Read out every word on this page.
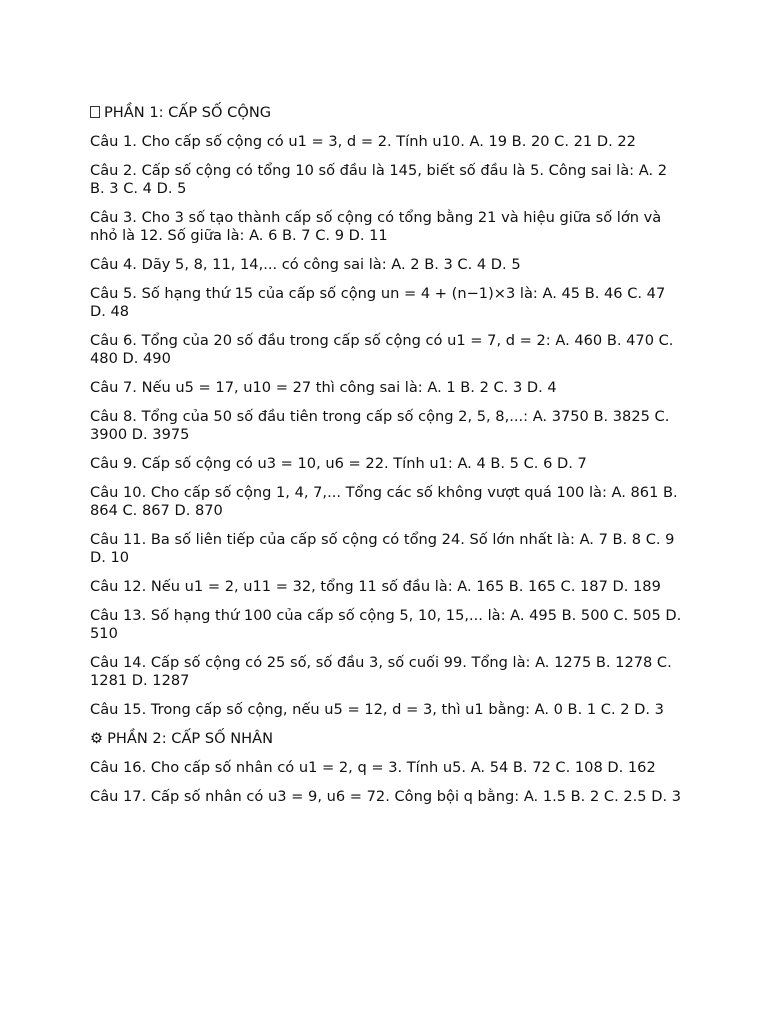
PHẦN 1: CẤP SỐ CỘNG
Câu 1. Cho cấp số cộng có u1 = 3, d = 2. Tính u10. A. 19 B. 20 C. 21 D. 22
Câu 2. Cấp số cộng có tổng 10 số đầu là 145, biết số đầu là 5. Công sai là: A. 2 B. 3 C. 4 D. 5
Câu 3. Cho 3 số tạo thành cấp số cộng có tổng bằng 21 và hiệu giữa số lớn và nhỏ là 12. Số giữa là: A. 6 B. 7 C. 9 D. 11
Câu 4. Dãy 5, 8, 11, 14,... có công sai là: A. 2 B. 3 C. 4 D. 5
Câu 5. Số hạng thứ 15 của cấp số cộng un = 4 + (n−1)×3 là: A. 45 B. 46 C. 47 D. 48
Câu 6. Tổng của 20 số đầu trong cấp số cộng có u1 = 7, d = 2: A. 460 B. 470 C. 480 D. 490
Câu 7. Nếu u5 = 17, u10 = 27 thì công sai là: A. 1 B. 2 C. 3 D. 4
Câu 8. Tổng của 50 số đầu tiên trong cấp số cộng 2, 5, 8,...: A. 3750 B. 3825 C. 3900 D. 3975
Câu 9. Cấp số cộng có u3 = 10, u6 = 22. Tính u1: A. 4 B. 5 C. 6 D. 7
Câu 10. Cho cấp số cộng 1, 4, 7,... Tổng các số không vượt quá 100 là: A. 861 B. 864 C. 867 D. 870
Câu 11. Ba số liên tiếp của cấp số cộng có tổng 24. Số lớn nhất là: A. 7 B. 8 C. 9 D. 10
Câu 12. Nếu u1 = 2, u11 = 32, tổng 11 số đầu là: A. 165 B. 165 C. 187 D. 189
Câu 13. Số hạng thứ 100 của cấp số cộng 5, 10, 15,... là: A. 495 B. 500 C. 505 D. 510
Câu 14. Cấp số cộng có 25 số, số đầu 3, số cuối 99. Tổng là: A. 1275 B. 1278 C. 1281 D. 1287
Câu 15. Trong cấp số cộng, nếu u5 = 12, d = 3, thì u1 bằng: A. 0 B. 1 C. 2 D. 3
⚙ PHẦN 2: CẤP SỐ NHÂN
Câu 16. Cho cấp số nhân có u1 = 2, q = 3. Tính u5. A. 54 B. 72 C. 108 D. 162
Câu 17. Cấp số nhân có u3 = 9, u6 = 72. Công bội q bằng: A. 1.5 B. 2 C. 2.5 D. 3
